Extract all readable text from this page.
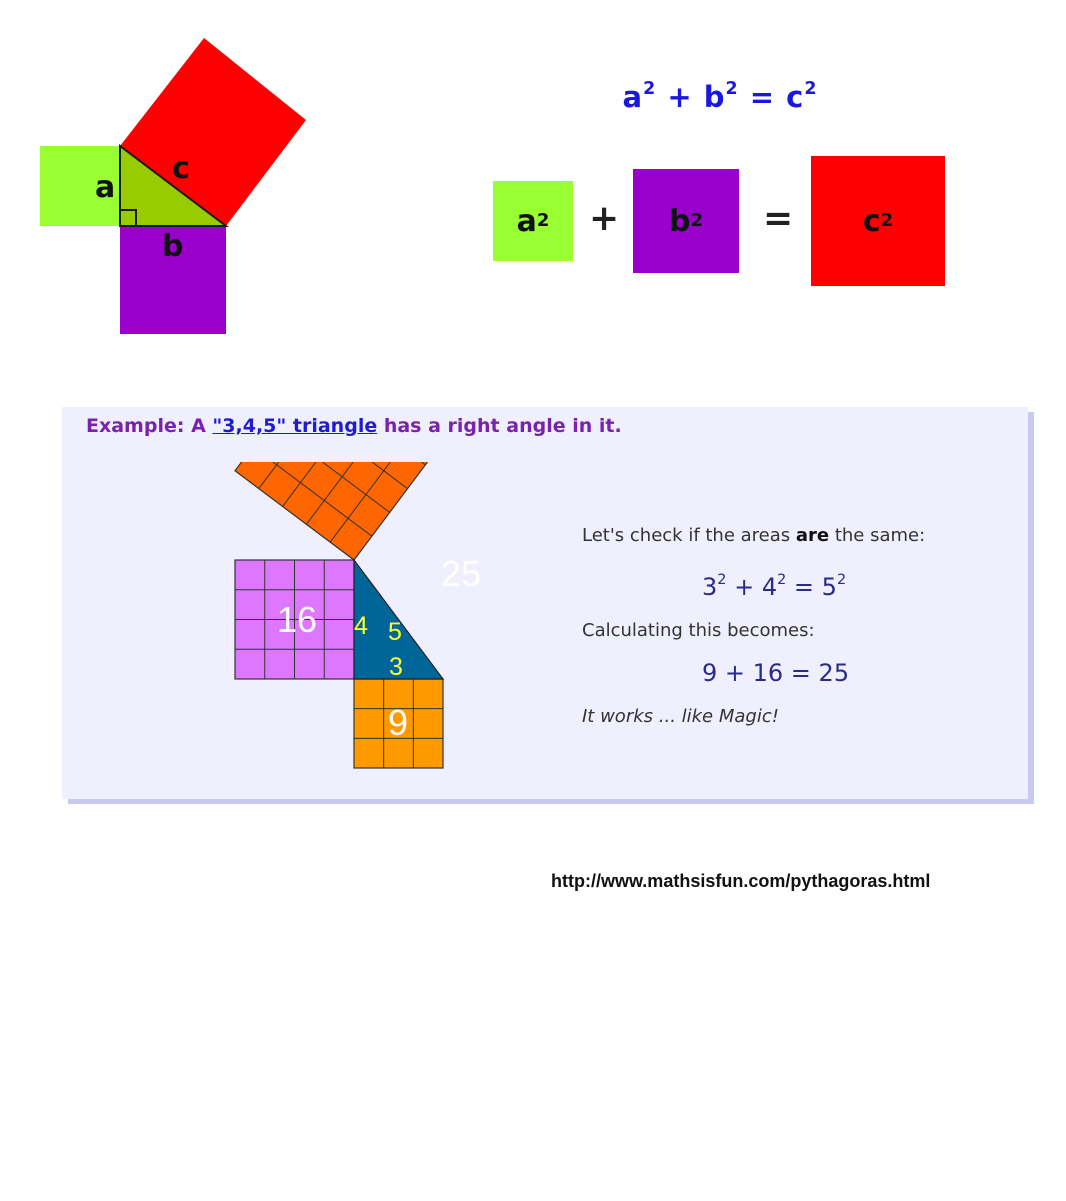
a
b
c
$a^2 + b^2 = c^2$
a 2 + b 2 = c 2
Example: A "3,4,5" triangle has a right angle in it.
16
9
25
4 5
3
Let's check if the areas are the same:
$3^2 + 4^2 = 5^2$
Calculating this becomes:
9 + 16 = 25
It works ... like Magic!
http://www.mathsisfun.com/pythagoras.html
